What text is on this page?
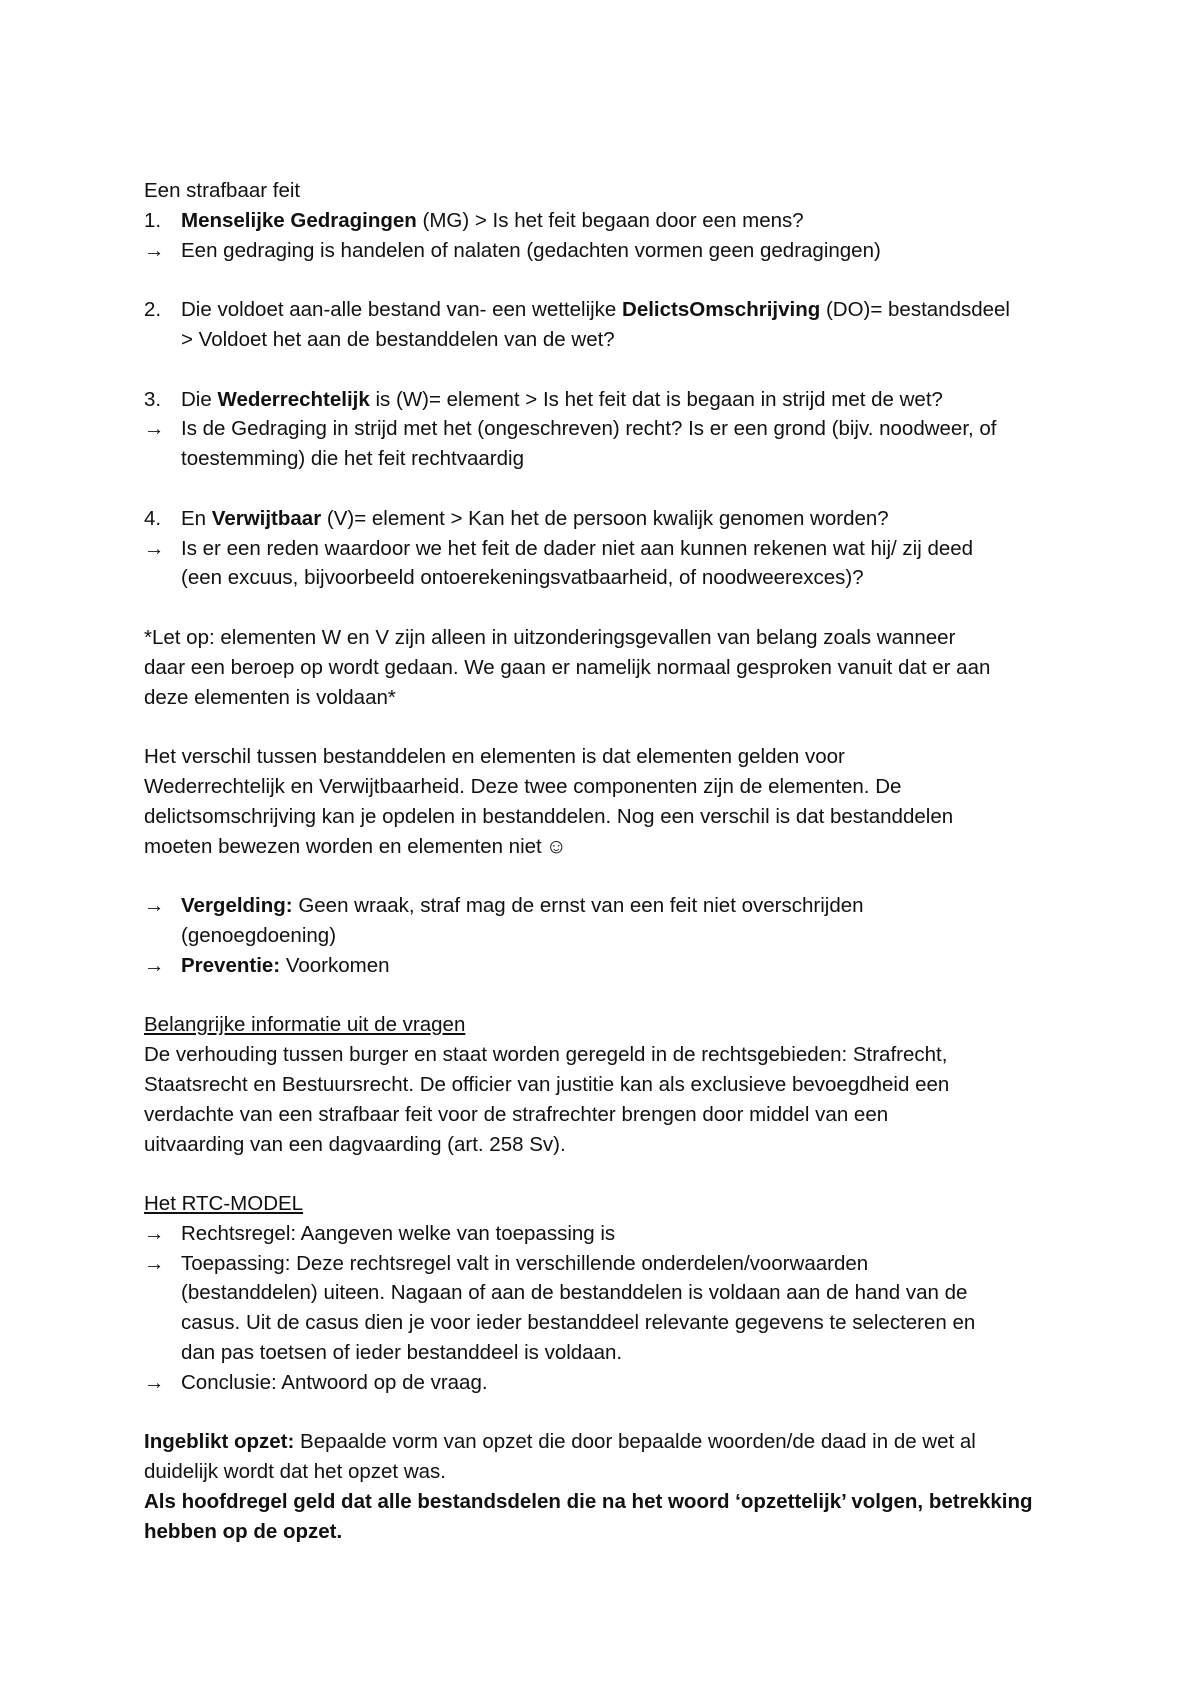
Een strafbaar feit

1. Menselijke Gedragingen (MG) > Is het feit begaan door een mens?

→ Een gedraging is handelen of nalaten (gedachten vormen geen gedragingen)

2. Die voldoet aan-alle bestand van- een wettelijke DelictsOmschrijving (DO)= bestandsdeel

> Voldoet het aan de bestanddelen van de wet?

3. Die Wederrechtelijk is (W)= element > Is het feit dat is begaan in strijd met de wet?

→ Is de Gedraging in strijd met het (ongeschreven) recht? Is er een grond (bijv. noodweer, of

toestemming) die het feit rechtvaardig

4. En Verwijtbaar (V)= element > Kan het de persoon kwalijk genomen worden?

→ Is er een reden waardoor we het feit de dader niet aan kunnen rekenen wat hij/ zij deed

(een excuus, bijvoorbeeld ontoerekeningsvatbaarheid, of noodweerexces)?

*Let op: elementen W en V zijn alleen in uitzonderingsgevallen van belang zoals wanneer

daar een beroep op wordt gedaan. We gaan er namelijk normaal gesproken vanuit dat er aan

deze elementen is voldaan*

Het verschil tussen bestanddelen en elementen is dat elementen gelden voor

Wederrechtelijk en Verwijtbaarheid. Deze twee componenten zijn de elementen. De

delictsomschrijving kan je opdelen in bestanddelen. Nog een verschil is dat bestanddelen

moeten bewezen worden en elementen niet ☺

→ Vergelding: Geen wraak, straf mag de ernst van een feit niet overschrijden

(genoegdoening)

→ Preventie: Voorkomen

Belangrijke informatie uit de vragen

De verhouding tussen burger en staat worden geregeld in de rechtsgebieden: Strafrecht,

Staatsrecht en Bestuursrecht. De officier van justitie kan als exclusieve bevoegdheid een

verdachte van een strafbaar feit voor de strafrechter brengen door middel van een

uitvaarding van een dagvaarding (art. 258 Sv).

Het RTC-MODEL

→ Rechtsregel: Aangeven welke van toepassing is

→ Toepassing: Deze rechtsregel valt in verschillende onderdelen/voorwaarden

(bestanddelen) uiteen. Nagaan of aan de bestanddelen is voldaan aan de hand van de

casus. Uit de casus dien je voor ieder bestanddeel relevante gegevens te selecteren en

dan pas toetsen of ieder bestanddeel is voldaan.

→ Conclusie: Antwoord op de vraag.

Ingeblikt opzet: Bepaalde vorm van opzet die door bepaalde woorden/de daad in de wet al

duidelijk wordt dat het opzet was.

Als hoofdregel geld dat alle bestandsdelen die na het woord ‘opzettelijk’ volgen, betrekking

hebben op de opzet.
